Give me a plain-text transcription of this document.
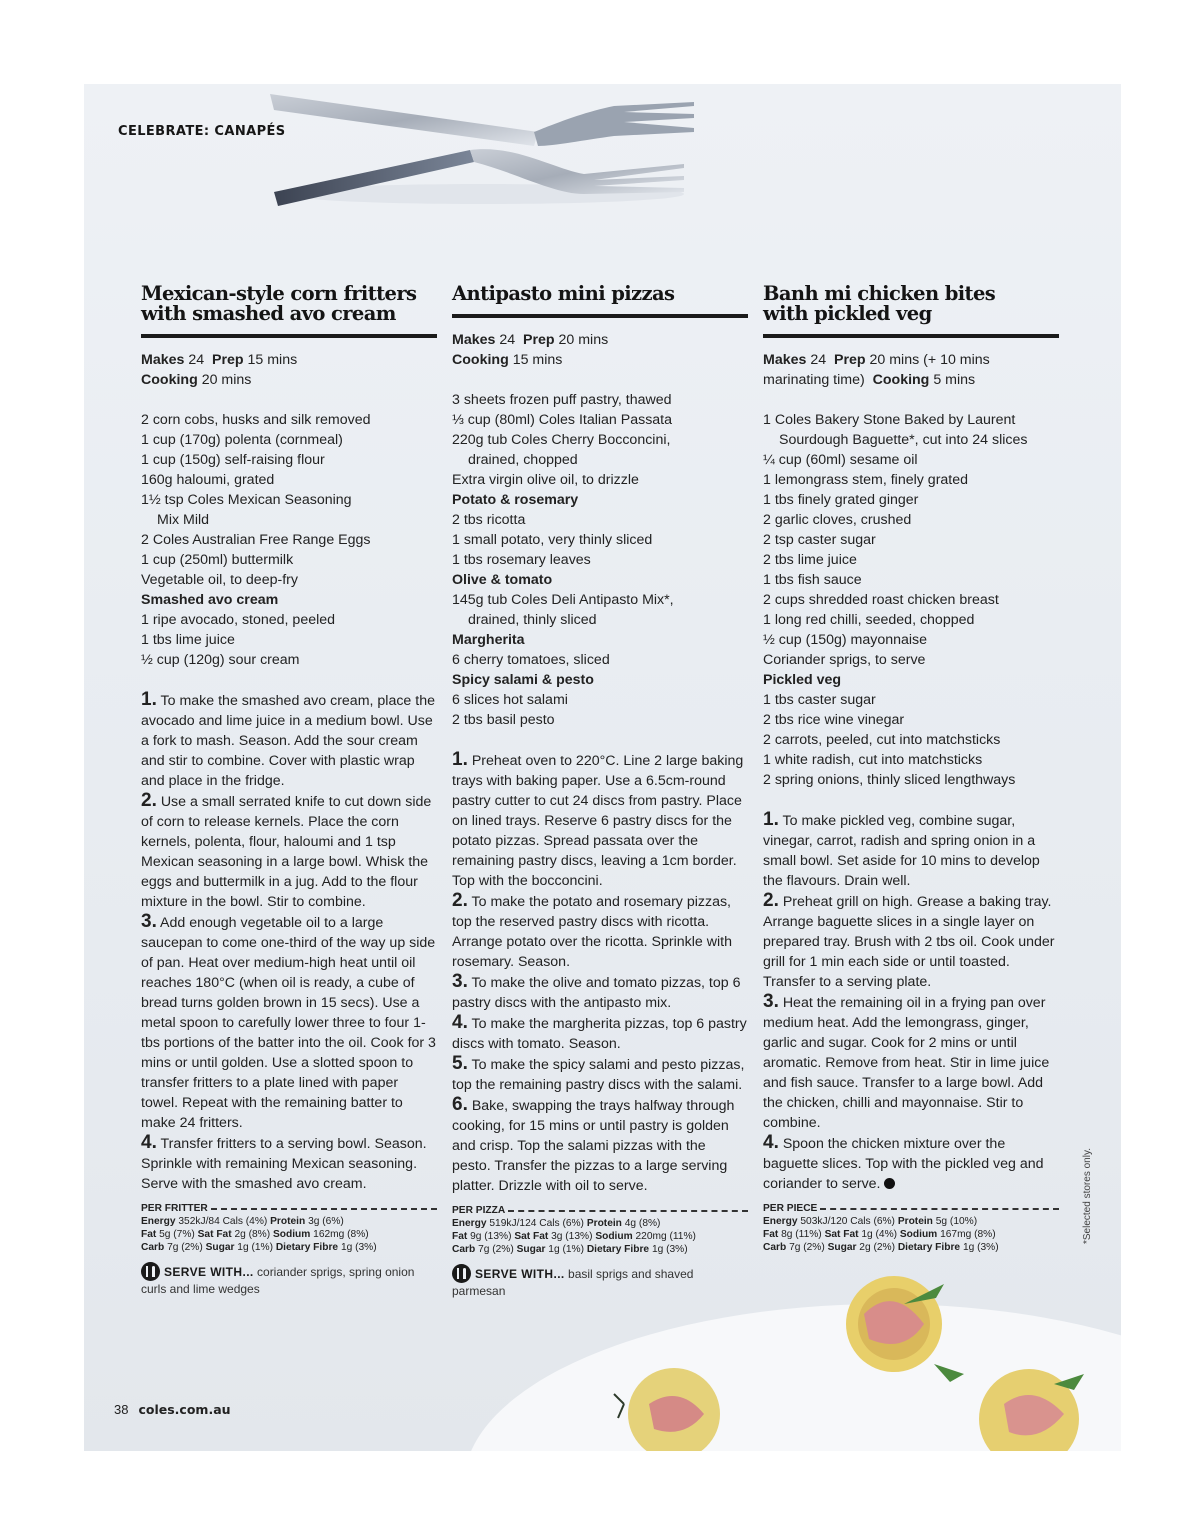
CELEBRATE: CANAPÉS
Mexican-style corn fritters
with smashed avo cream
Makes 24 Prep 15 mins
Cooking 20 mins
2 corn cobs, husks and silk removed
1 cup (170g) polenta (cornmeal)
1 cup (150g) self-raising flour
160g haloumi, grated
1½ tsp Coles Mexican Seasoning
Mix Mild
2 Coles Australian Free Range Eggs
1 cup (250ml) buttermilk
Vegetable oil, to deep-fry
Smashed avo cream
1 ripe avocado, stoned, peeled
1 tbs lime juice
½ cup (120g) sour cream

1. To make the smashed avo cream, place the avocado and lime juice in a medium bowl. Use a fork to mash. Season. Add the sour cream and stir to combine. Cover with plastic wrap and place in the fridge.

2. Use a small serrated knife to cut down side of corn to release kernels. Place the corn kernels, polenta, flour, haloumi and 1 tsp Mexican seasoning in a large bowl. Whisk the eggs and buttermilk in a jug. Add to the flour mixture in the bowl. Stir to combine.

3. Add enough vegetable oil to a large saucepan to come one-third of the way up side of pan. Heat over medium-high heat until oil reaches 180°C (when oil is ready, a cube of bread turns golden brown in 15 secs). Use a metal spoon to carefully lower three to four 1-tbs portions of the batter into the oil. Cook for 3 mins or until golden. Use a slotted spoon to transfer fritters to a plate lined with paper towel. Repeat with the remaining batter to make 24 fritters.

4. Transfer fritters to a serving bowl. Season. Sprinkle with remaining Mexican seasoning. Serve with the smashed avo cream.

PER FRITTER
Energy 352kJ/84 Cals (4%) Protein 3g (6%)
Fat 5g (7%) Sat Fat 2g (8%) Sodium 162mg (8%)
Carb 7g (2%) Sugar 1g (1%) Dietary Fibre 1g (3%)
SERVE WITH... coriander sprigs, spring onion curls and lime wedges
Antipasto mini pizzas
Makes 24 Prep 20 mins
Cooking 15 mins
3 sheets frozen puff pastry, thawed
⅓ cup (80ml) Coles Italian Passata
220g tub Coles Cherry Bocconcini,
drained, chopped
Extra virgin olive oil, to drizzle
Potato & rosemary
2 tbs ricotta
1 small potato, very thinly sliced
1 tbs rosemary leaves
Olive & tomato
145g tub Coles Deli Antipasto Mix*,
drained, thinly sliced
Margherita
6 cherry tomatoes, sliced
Spicy salami & pesto
6 slices hot salami
2 tbs basil pesto

1. Preheat oven to 220°C. Line 2 large baking trays with baking paper. Use a 6.5cm-round pastry cutter to cut 24 discs from pastry. Place on lined trays. Reserve 6 pastry discs for the potato pizzas. Spread passata over the remaining pastry discs, leaving a 1cm border. Top with the bocconcini.

2. To make the potato and rosemary pizzas, top the reserved pastry discs with ricotta. Arrange potato over the ricotta. Sprinkle with rosemary. Season.

3. To make the olive and tomato pizzas, top 6 pastry discs with the antipasto mix.

4. To make the margherita pizzas, top 6 pastry discs with tomato. Season.

5. To make the spicy salami and pesto pizzas, top the remaining pastry discs with the salami.

6. Bake, swapping the trays halfway through cooking, for 15 mins or until pastry is golden and crisp. Top the salami pizzas with the pesto. Transfer the pizzas to a large serving platter. Drizzle with oil to serve.

PER PIZZA
Energy 519kJ/124 Cals (6%) Protein 4g (8%)
Fat 9g (13%) Sat Fat 3g (13%) Sodium 220mg (11%)
Carb 7g (2%) Sugar 1g (1%) Dietary Fibre 1g (3%)
SERVE WITH... basil sprigs and shaved parmesan
Banh mi chicken bites
with pickled veg
Makes 24 Prep 20 mins (+ 10 mins marinating time) Cooking 5 mins
1 Coles Bakery Stone Baked by Laurent
Sourdough Baguette*, cut into 24 slices
¼ cup (60ml) sesame oil
1 lemongrass stem, finely grated
1 tbs finely grated ginger
2 garlic cloves, crushed
2 tsp caster sugar
2 tbs lime juice
1 tbs fish sauce
2 cups shredded roast chicken breast
1 long red chilli, seeded, chopped
½ cup (150g) mayonnaise
Coriander sprigs, to serve
Pickled veg
1 tbs caster sugar
2 tbs rice wine vinegar
2 carrots, peeled, cut into matchsticks
1 white radish, cut into matchsticks
2 spring onions, thinly sliced lengthways

1. To make pickled veg, combine sugar, vinegar, carrot, radish and spring onion in a small bowl. Set aside for 10 mins to develop the flavours. Drain well.

2. Preheat grill on high. Grease a baking tray. Arrange baguette slices in a single layer on prepared tray. Brush with 2 tbs oil. Cook under grill for 1 min each side or until toasted. Transfer to a serving plate.

3. Heat the remaining oil in a frying pan over medium heat. Add the lemongrass, ginger, garlic and sugar. Cook for 2 mins or until aromatic. Remove from heat. Stir in lime juice and fish sauce. Transfer to a large bowl. Add the chicken, chilli and mayonnaise. Stir to combine.

4. Spoon the chicken mixture over the baguette slices. Top with the pickled veg and coriander to serve.

PER PIECE
Energy 503kJ/120 Cals (6%) Protein 5g (10%)
Fat 8g (11%) Sat Fat 1g (4%) Sodium 167mg (8%)
Carb 7g (2%) Sugar 2g (2%) Dietary Fibre 1g (3%)
*Selected stores only.
38 coles.com.au
